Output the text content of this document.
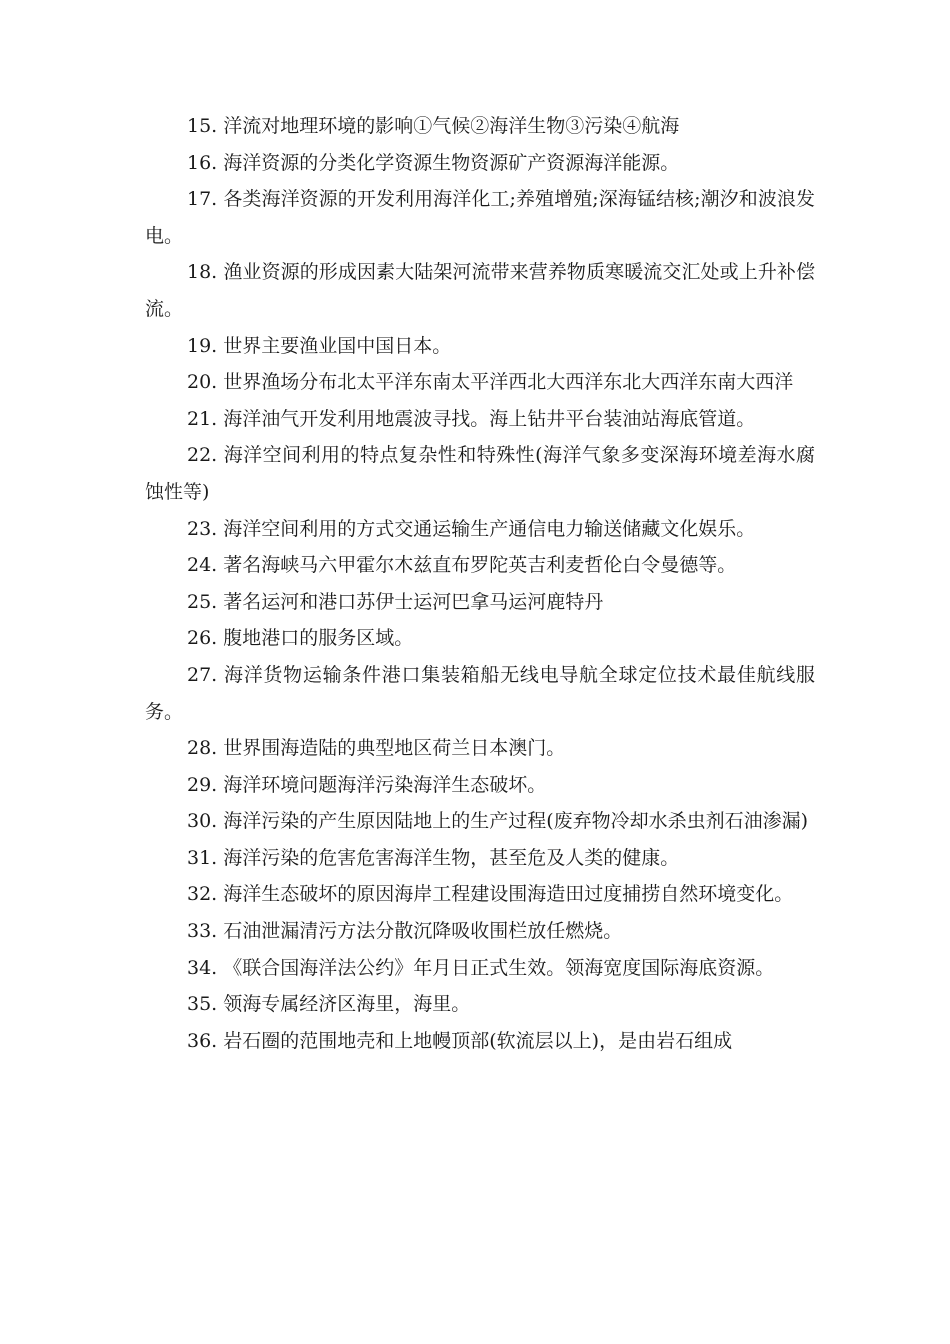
15. 洋流对地理环境的影响①气候②海洋生物③污染④航海

16. 海洋资源的分类化学资源生物资源矿产资源海洋能源。

17. 各类海洋资源的开发利用海洋化工;养殖增殖;深海锰结核;潮汐和波浪发电。

18. 渔业资源的形成因素大陆架河流带来营养物质寒暖流交汇处或上升补偿流。

19. 世界主要渔业国中国日本。

20. 世界渔场分布北太平洋东南太平洋西北大西洋东北大西洋东南大西洋

21. 海洋油气开发利用地震波寻找。海上钻井平台装油站海底管道。

22. 海洋空间利用的特点复杂性和特殊性(海洋气象多变深海环境差海水腐蚀性等)

23. 海洋空间利用的方式交通运输生产通信电力输送储藏文化娱乐。

24. 著名海峡马六甲霍尔木兹直布罗陀英吉利麦哲伦白令曼德等。

25. 著名运河和港口苏伊士运河巴拿马运河鹿特丹

26. 腹地港口的服务区域。

27. 海洋货物运输条件港口集装箱船无线电导航全球定位技术最佳航线服务。

28. 世界围海造陆的典型地区荷兰日本澳门。

29. 海洋环境问题海洋污染海洋生态破坏。

30. 海洋污染的产生原因陆地上的生产过程(废弃物冷却水杀虫剂石油渗漏)

31. 海洋污染的危害危害海洋生物，甚至危及人类的健康。

32. 海洋生态破坏的原因海岸工程建设围海造田过度捕捞自然环境变化。

33. 石油泄漏清污方法分散沉降吸收围栏放任燃烧。

34. 《联合国海洋法公约》年月日正式生效。领海宽度国际海底资源。

35. 领海专属经济区海里，海里。

36. 岩石圈的范围地壳和上地幔顶部(软流层以上)，是由岩石组成
